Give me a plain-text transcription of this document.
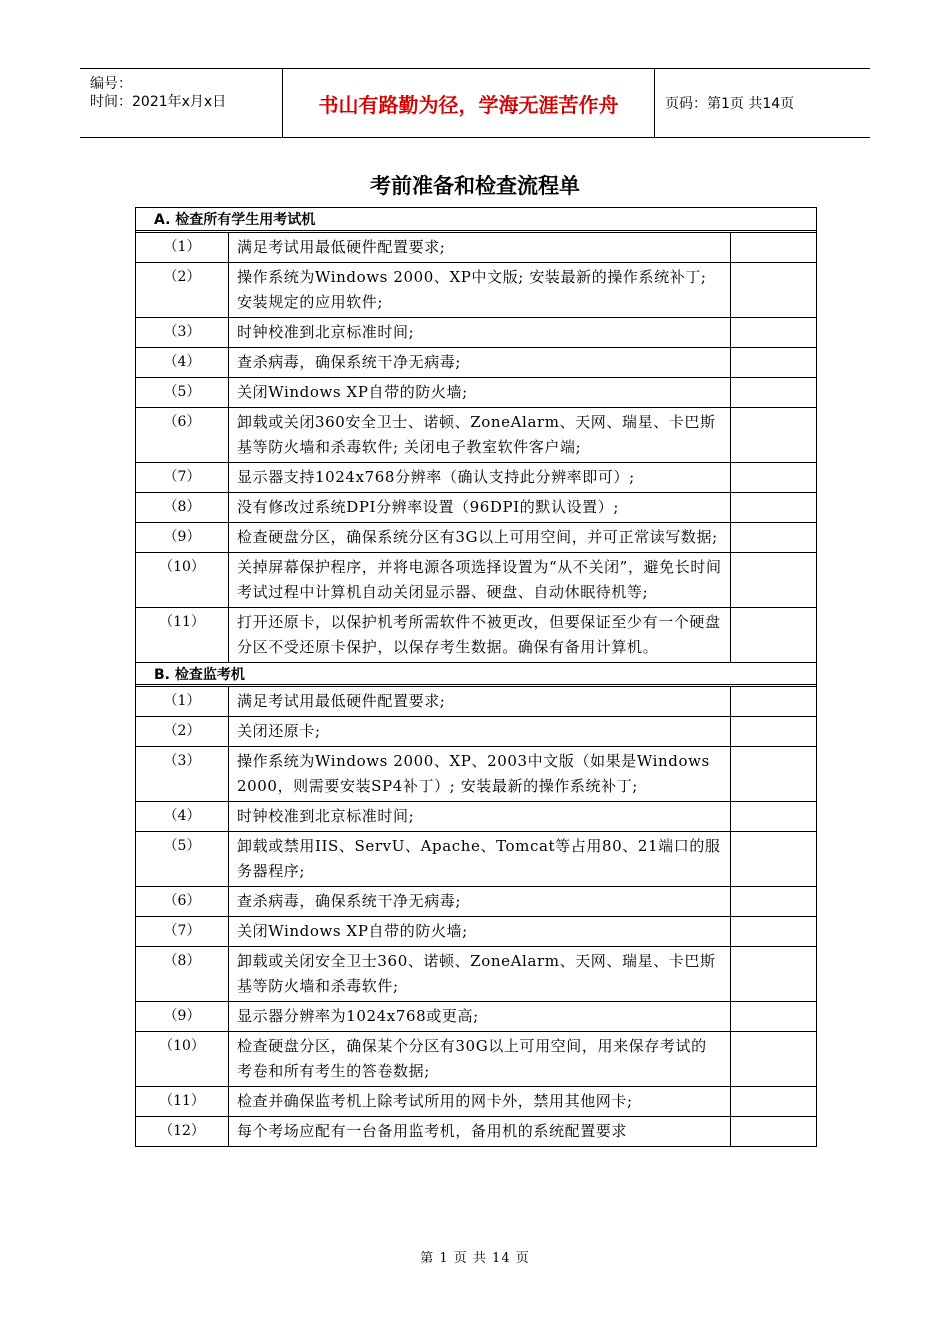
编号：
时间：2021年x月x日	书山有路勤为径，学海无涯苦作舟	页码：第1页 共14页
考前准备和检查流程单
A. 检查所有学生用考试机
（1）	满足考试用最低硬件配置要求;
（2）	操作系统为Windows 2000、XP中文版; 安装最新的操作系统补丁; 安装规定的应用软件;
（3）	时钟校准到北京标准时间;
（4）	查杀病毒，确保系统干净无病毒;
（5）	关闭Windows XP自带的防火墙;
（6）	卸载或关闭360安全卫士、诺顿、ZoneAlarm、天网、瑞星、卡巴斯基等防火墙和杀毒软件; 关闭电子教室软件客户端;
（7）	显示器支持1024x768分辨率（确认支持此分辨率即可）;
（8）	没有修改过系统DPI分辨率设置（96DPI的默认设置）;
（9）	检查硬盘分区，确保系统分区有3G以上可用空间，并可正常读写数据;
（10）	关掉屏幕保护程序，并将电源各项选择设置为“从不关闭”，避免长时间考试过程中计算机自动关闭显示器、硬盘、自动休眠待机等;
（11）	打开还原卡，以保护机考所需软件不被更改，但要保证至少有一个硬盘分区不受还原卡保护，以保存考生数据。确保有备用计算机。
B. 检查监考机
（1）	满足考试用最低硬件配置要求;
（2）	关闭还原卡;
（3）	操作系统为Windows 2000、XP、2003中文版（如果是Windows 2000，则需要安装SP4补丁）; 安装最新的操作系统补丁;
（4）	时钟校准到北京标准时间;
（5）	卸载或禁用IIS、ServU、Apache、Tomcat等占用80、21端口的服务器程序;
（6）	查杀病毒，确保系统干净无病毒;
（7）	关闭Windows XP自带的防火墙;
（8）	卸载或关闭安全卫士360、诺顿、ZoneAlarm、天网、瑞星、卡巴斯基等防火墙和杀毒软件;
（9）	显示器分辨率为1024x768或更高;
（10）	检查硬盘分区，确保某个分区有30G以上可用空间，用来保存考试的考卷和所有考生的答卷数据;
（11）	检查并确保监考机上除考试所用的网卡外，禁用其他网卡;
（12）	每个考场应配有一台备用监考机，备用机的系统配置要求
第 1 页 共 14 页
